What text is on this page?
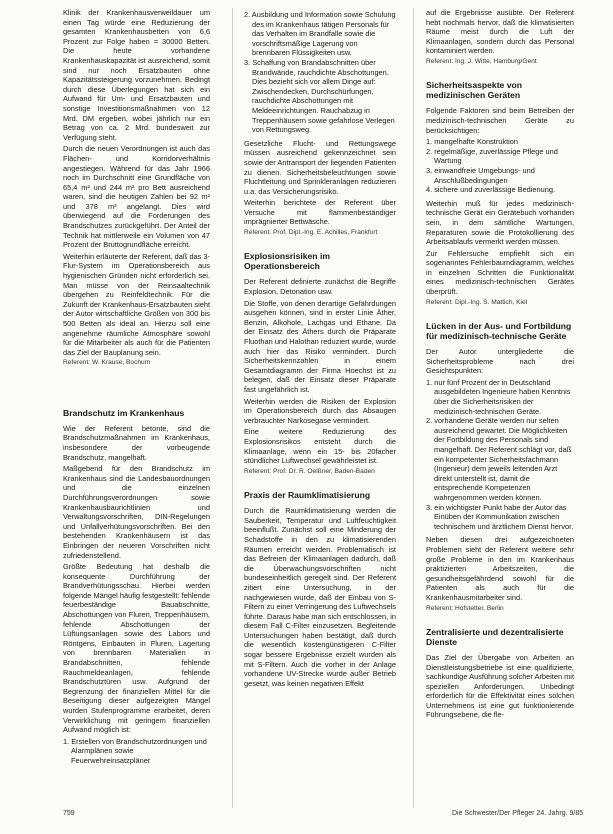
Klinik der Krankenhausverweildauer um einen Tag würde eine Reduzierung der gesamten Krankenhausbetten von 6,6 Prozent zur Folge haben = 30000 Betten. Die heute vorhandene Krankenhauskapazität ist ausreichend, somit sind nur noch Ersatzbauten ohne Kapazitätssteigerung vorzunehmen. Bedingt durch diese Überlegungen hat sich ein Aufwand für Um- und Ersatzbauten und sonstige Investitionsmaßnahmen von 12 Mrd. DM ergeben, wobei jährlich nur ein Betrag von ca. 2 Mrd. bundesweit zur Verfügung steht.

Durch die neuen Verordnungen ist auch das Flächen- und Korridorverhältnis angestiegen. Während für das Jahr 1966 noch im Durchschnitt eine Grundfläche von 65,4 m² und 244 m³ pro Bett ausreichend waren, sind die heutigen Zahlen bei 92 m² und 378 m³ angelangt. Dies wird überwiegend auf die Forderungen des Brandschutzes zurückgeführt. Der Anteil der Technik hat mittlerweile ein Volumen von 47 Prozent der Bruttogrundfläche erreicht.

Weiterhin erläuterte der Referent, daß das 3-Flur-System im Operationsbereich aus hygienischen Gründen nicht erforderlich sei. Man müsse von der Reinsaaltechnik übergehen zu Reinfeldtechnik. Für die Zukunft der Krankenhaus-Ersatzbauten sieht der Autor wirtschaftliche Größen von 300 bis 500 Betten als ideal an. Hierzu soll eine angenehme räumliche Atmosphäre sowohl für die Mitarbeiter als auch für die Patienten das Ziel der Bauplanung sein.

Referent: W. Krause, Bochum

Brandschutz im Krankenhaus

Wie der Referent betonte, sind die Brandschutzmaßnahmen im Krankenhaus, insbesondere der vorbeugende Brandschutz, mangelhaft.

Maßgebend für den Brandschutz im Krankenhaus sind die Landesbauordnungen und die einzelnen Durchführungsverordnungen sowie Krankenhausbaurichtlinien und Verwaltungsvorschriften, DIN-Regelungen und Unfallverhütungsvorschriften. Bei den bestehenden Krankenhäusern ist das Einbringen der neueren Vorschriften nicht zufriedenstellend.

Größte Bedeutung hat deshalb die konsequente Durchführung der Brandverhütungsschau. Hierbei werden folgende Mängel häufig festgestellt: fehlende feuerbeständige Bauabschnitte, Abschottungen von Fluren, Treppenhäusern, fehlende Abschottungen der Lüftungsanlagen sowie des Labors und Röntgens, Einbauten in Fluren, Lagerung von brennbaren Materialien in Brandabschnitten, fehlende Rauchmeldeanlagen, fehlende Brandschutztüren usw. Aufgrund der Begrenzung der finanziellen Mittel für die Beseitigung dieser aufgezeigten Mängel wurden Stufenprogramme erarbeitet, deren Verwirklichung mit geringem finanziellen Aufwand möglich ist:

1. Erstellen von Brandschutzordnungen und Alarmplänen sowie Feuerwehreinsatzpläner
2. Ausbildung und Information sowie Schulung des im Krankenhaus tätigen Personals für das Verhalten im Brandfalle sowie die vorschriftsmäßige Lagerung von brennbaren Flüssigkeiten usw.
3. Schaffung von Brandabschnitten über Brandwände, rauchdichte Abschottungen. Dies bezieht sich vor allem Dinge auf: Zwischendecken, Durchschürfungen, rauchdichte Abschottungen mit Meldeeinrichtungen. Rauchabzug in Treppenhäusern sowie gefahrlose Verlegen von Rettungsweg.

Gesetzliche Flucht- und Rettungswege müssen ausreichend gekennzeichnet sein sowie der Antransport der liegenden Patienten zu dienen. Sicherheitsbeleuchtungen sowie Fluchtleitung und Sprinkleranlagen reduzieren u.a. das Versicherungsrisiko.

Weiterhin berichtete der Referent über Versuche mit flammenbeständiger imprägnierter Bettwäsche.

Referent: Prof. Dipl.-Ing. E. Achilles, Frankfurt

Explosionsrisiken im Operationsbereich

Der Referent definierte zunächst die Begriffe Explosion, Detonation usw.

Die Stoffe, von denen derartige Gefährdungen ausgehen können, sind in erster Linie Äther, Benzin, Alkohole, Lachgas und Ethane. Da der Einsatz des Äthers durch die Präparate Fluothan und Halothan reduziert wurde, wurde auch hier das Risiko vermindert. Durch Sicherheitskennzahlen in einem Gesamtdiagramm der Firma Hoechst ist zu belegen, daß der Einsatz dieser Präparate fast ungefährlich ist.

Weiterhin werden die Risiken der Explosion im Operationsbereich durch das Absaugen verbrauchter Narkosegase vermindert.

Eine weitere Reduzierung des Explosionsrisikos entsteht durch die Klimaanlage, wenn ein 15- bis 20facher stündlicher Luftwechsel gewährleistet ist.

Referent: Prof. Dr. R. Oelßner, Baden-Baden

Praxis der Raumklimatisierung

Durch die Raumklimatisierung werden die Sauberkeit, Temperatur und Luftfeuchtigkeit beeinflußt. Zunächst soll eine Minderung der Schadstoffe in den zu klimatisierenden Räumen erreicht werden. Problematisch ist das Befreien der Klimaanlagen dadurch, daß die Überwachungsvorschriften nicht bundeseinheitlich geregelt sind. Der Referent zitiert eine Untersuchung, in der nachgewiesen wurde, daß der Einbau von S-Filtern zu einer Verringerung des Luftwechsels führte. Daraus habe man sich entschlossen, in diesem Fall C-Filter einzusetzen. Begleitende Untersuchungen haben bestätigt, daß durch die wesentlich kostengünstigeren C-Filter sogar bessere Ergebnisse erzielt wurden als mit S-Filtern. Auch die vorher in der Anlage vorhandene UV-Strecke wurde außer Betrieb gesetzt, was keinen negativen Effekt

auf die Ergebnisse ausübte. Der Referent hebt nochmals hervor, daß die klimatisierten Räume meist durch die Luft der Klimaanlagen, sondern durch das Personal kontaminiert werden.

Referent: Ing. J. Witte, Hamburg/Gent

Sicherheitsaspekte von medizinischen Geräten

Folgende Faktoren sind beim Betreiben der medizinisch-technischen Geräte zu berücksichtigen:

1. mangelhafte Konstruktion
2. regelmäßige, zuverlässige Pflege und Wartung
3. einwandfreie Umgebungs- und Anschlußbedingungen
4. sichere und zuverlässige Bedienung.

Weiterhin muß für jedes medizinisch-technische Gerät ein Gerätebuch vorhanden sein, in dem sämtliche Wartungen, Reparaturen sowie die Protokollierung des Arbeitsablaufs vermerkt werden müssen.

Zur Fehlersuche empfiehlt sich ein sogenanntes Fehlerbaumdiagramm, welches in einzelnen Schritten die Funktionalität eines medizinisch-technischen Gerätes überprüft.

Referent: Dipl.-Ing. S. Mattich, Kiel

Lücken in der Aus- und Fortbildung für medizinisch-technische Geräte

Der Autor untergliederte die Sicherheitsprobleme nach drei Gesichtspunkten:

1. nur fünf Prozent der in Deutschland ausgebildeten Ingenieure haben Kenntnis über die Sicherheitsrisiken der medizinisch-technischen Geräte.
2. vorhandene Geräte werden nur selten ausreichend gewartet. Die Möglichkeiten der Fortbildung des Personals sind mangelhaft. Der Referent schlägt vor, daß ein kompetenter Sicherheitsfachmann (Ingenieur) dem jeweils leitenden Arzt direkt unterstellt ist, damit die entsprechende Kompetenzen wahrgenommen werden können.
3. ein wichtigster Punkt habe der Autor das Einüben der Kommunikation zwischen technischem und ärztlichem Dienst hervor.

Neben diesen drei aufgezeichneten Problemen sieht der Referent weitere sehr große Probleme in den im Krankenhaus praktizierten Arbeitszeiten, die gesundheitsgefährdend sowohl für die Patienten als auch für die Krankenhausmitarbeiter sind.

Referent: Hofstetter, Berlin

Zentralisierte und dezentralisierte Dienste

Das Ziel der Übergabe von Arbeiten an Dienstleistungsbetriebe ist eine qualifizierte, sachkundige Ausführung solcher Arbeiten mit speziellen Anforderungen. Unbedingt erforderlich für die Effektivität eines solchen Unternehmens ist eine gut funktionierende Führungsebene, die fle-

759	Die Schwester/Der Pfleger 24. Jahrg. 9/85
